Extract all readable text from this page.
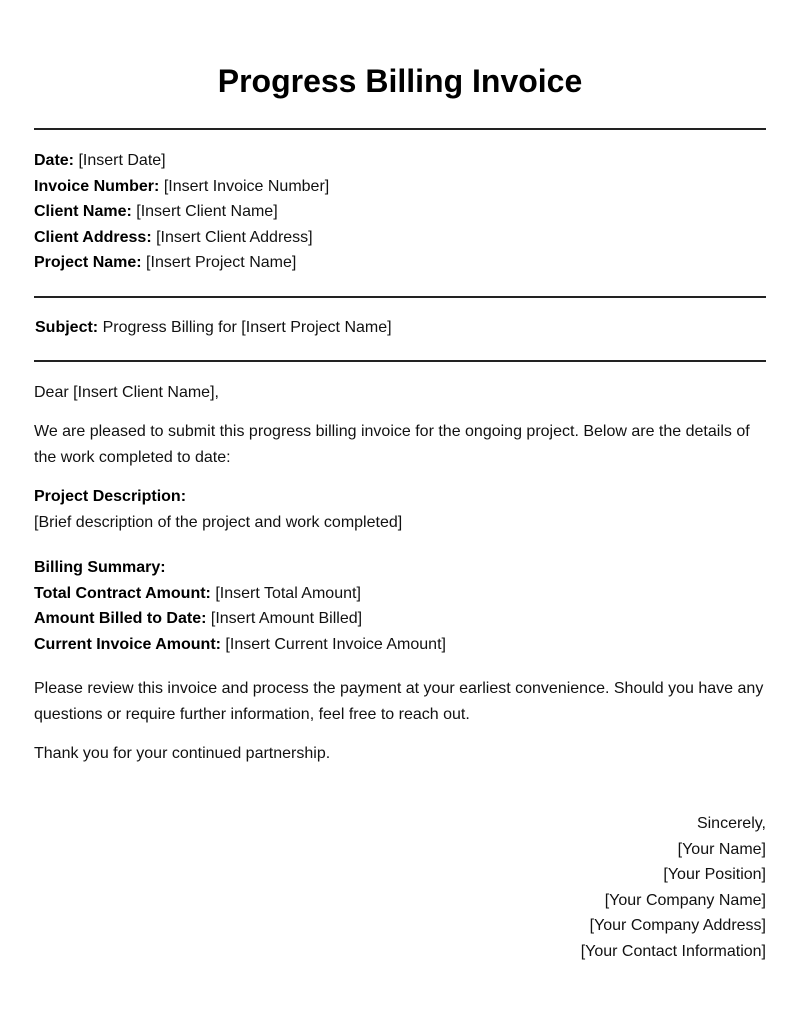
Progress Billing Invoice
Date: [Insert Date]
Invoice Number: [Insert Invoice Number]
Client Name: [Insert Client Name]
Client Address: [Insert Client Address]
Project Name: [Insert Project Name]
Subject: Progress Billing for [Insert Project Name]
Dear [Insert Client Name],
We are pleased to submit this progress billing invoice for the ongoing project. Below are the details of the work completed to date:
Project Description:
[Brief description of the project and work completed]
Billing Summary:
Total Contract Amount: [Insert Total Amount]
Amount Billed to Date: [Insert Amount Billed]
Current Invoice Amount: [Insert Current Invoice Amount]
Please review this invoice and process the payment at your earliest convenience. Should you have any questions or require further information, feel free to reach out.
Thank you for your continued partnership.
Sincerely,
[Your Name]
[Your Position]
[Your Company Name]
[Your Company Address]
[Your Contact Information]
